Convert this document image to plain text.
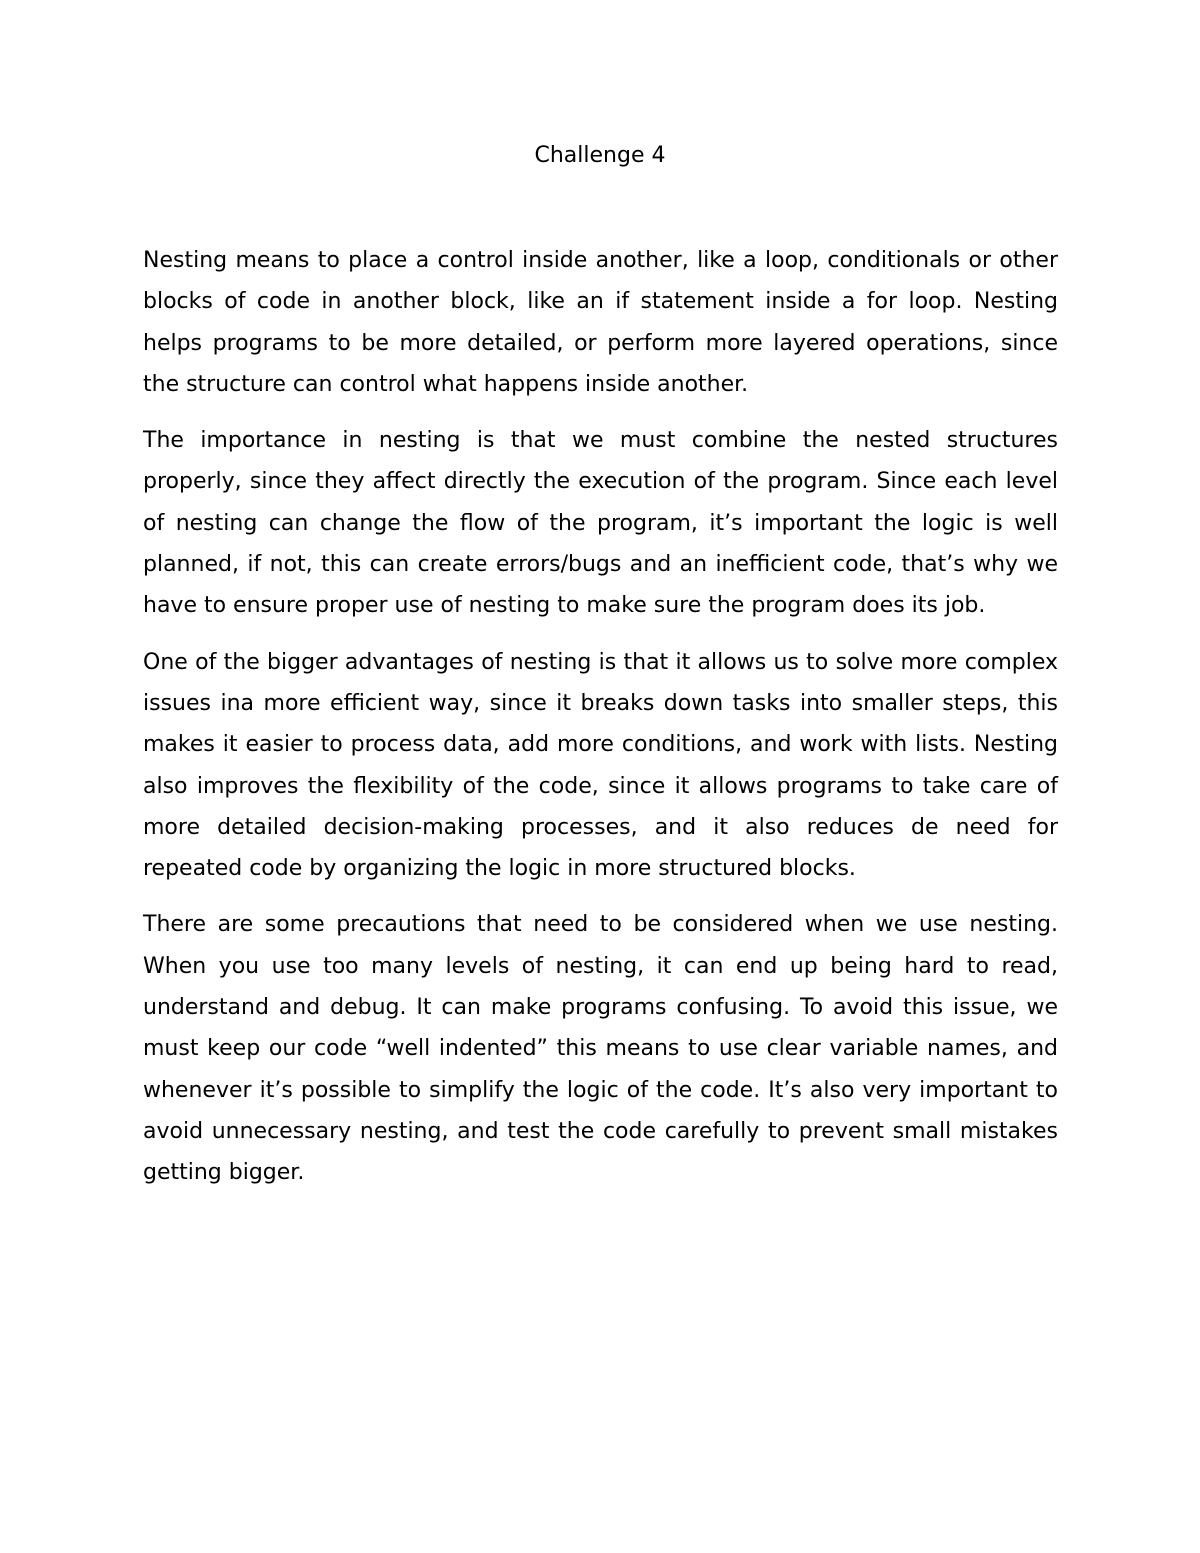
Challenge 4

Nesting means to place a control inside another, like a loop, conditionals or other blocks of code in another block, like an if statement inside a for loop. Nesting helps programs to be more detailed, or perform more layered operations, since the structure can control what happens inside another.

The importance in nesting is that we must combine the nested structures properly, since they affect directly the execution of the program. Since each level of nesting can change the flow of the program, it’s important the logic is well planned, if not, this can create errors/bugs and an inefficient code, that’s why we have to ensure proper use of nesting to make sure the program does its job.

One of the bigger advantages of nesting is that it allows us to solve more complex issues ina more efficient way, since it breaks down tasks into smaller steps, this makes it easier to process data, add more conditions, and work with lists. Nesting also improves the flexibility of the code, since it allows programs to take care of more detailed decision-making processes, and it also reduces de need for repeated code by organizing the logic in more structured blocks.

There are some precautions that need to be considered when we use nesting. When you use too many levels of nesting, it can end up being hard to read, understand and debug. It can make programs confusing. To avoid this issue, we must keep our code “well indented” this means to use clear variable names, and whenever it’s possible to simplify the logic of the code. It’s also very important to avoid unnecessary nesting, and test the code carefully to prevent small mistakes getting bigger.
